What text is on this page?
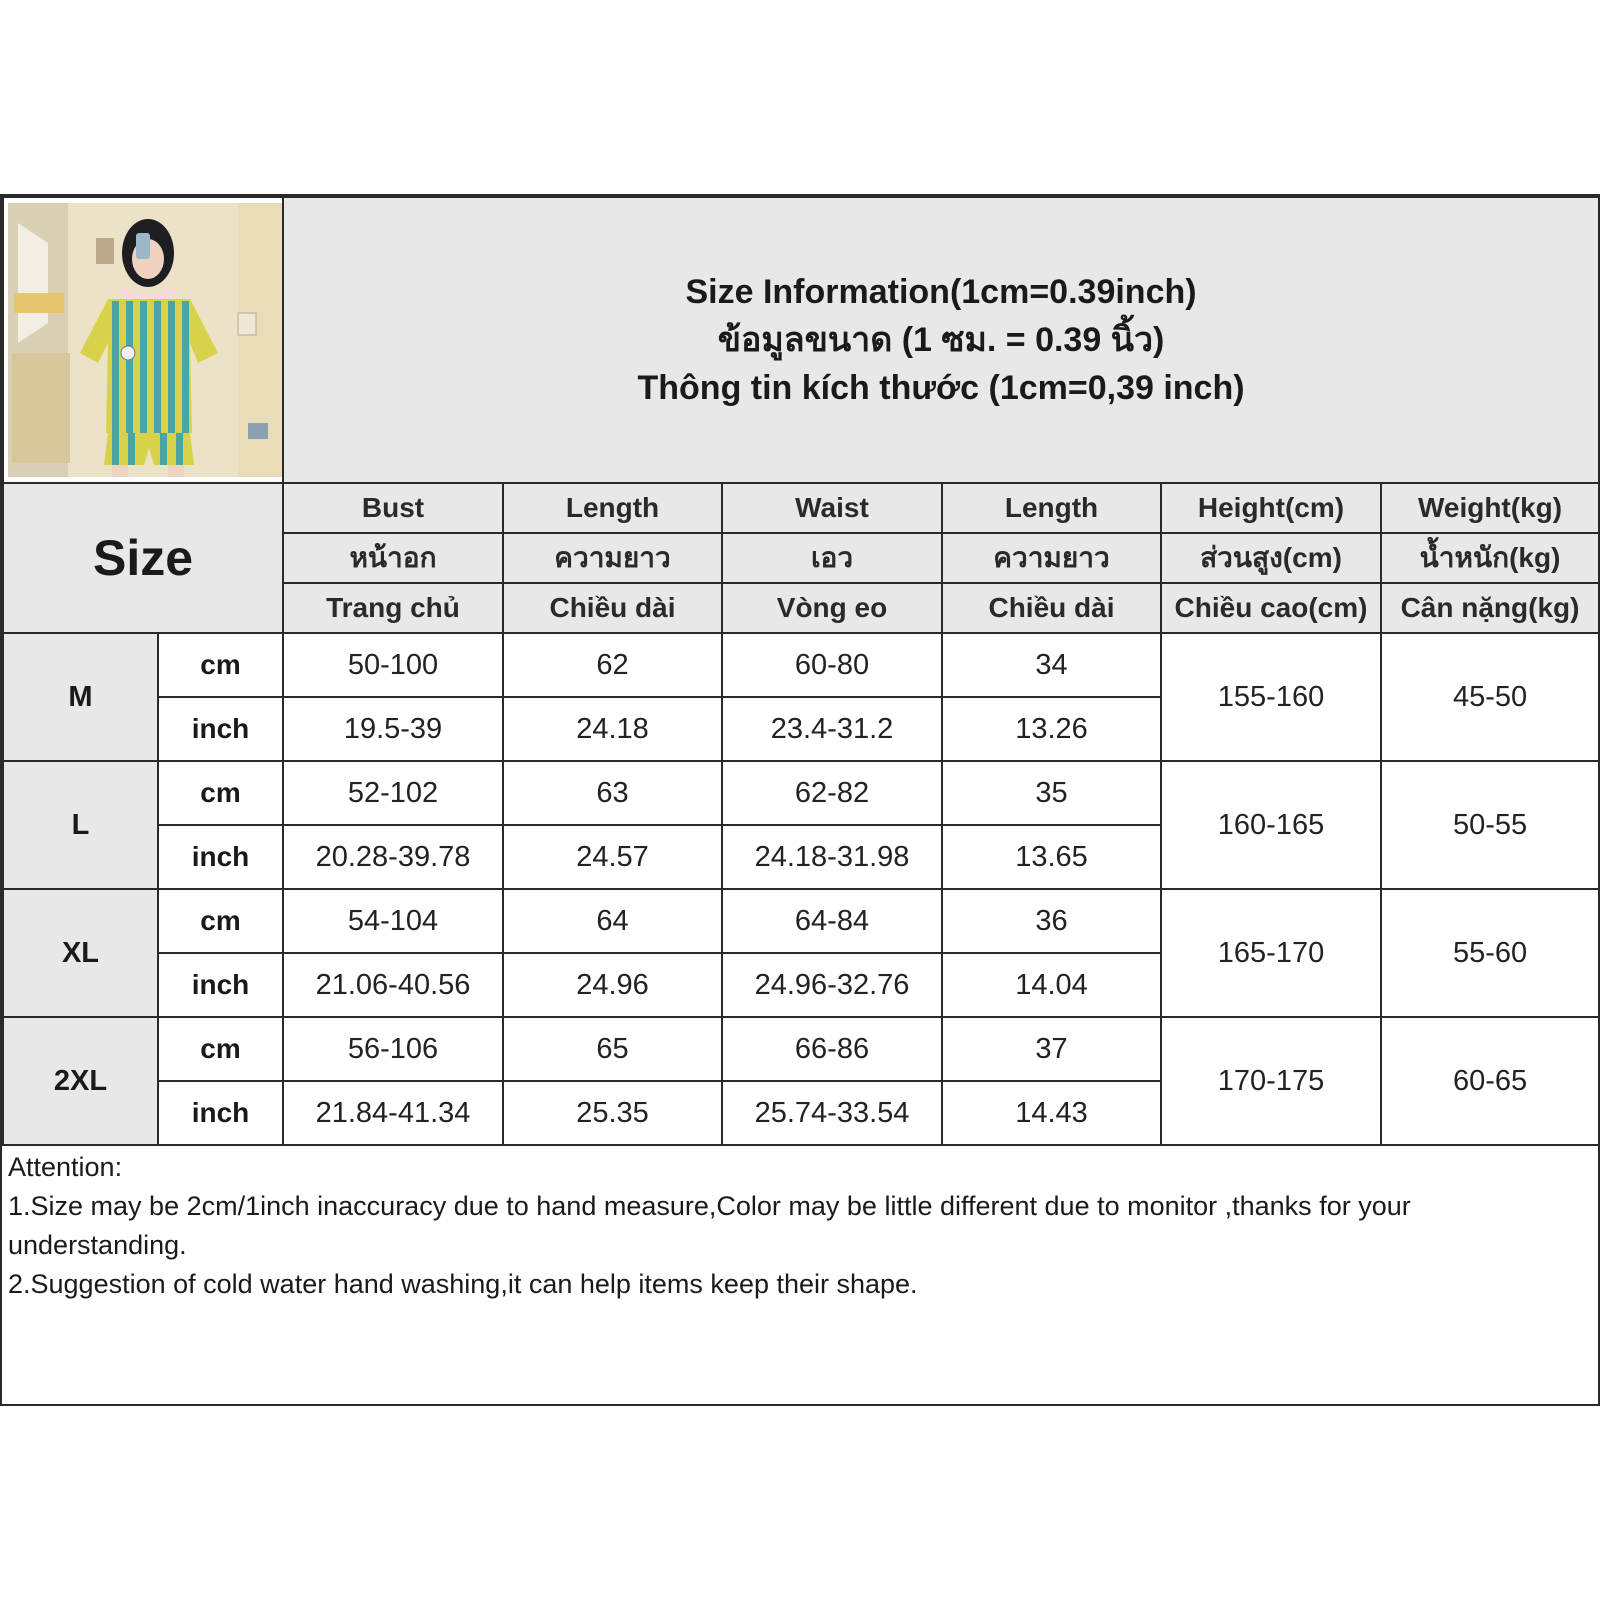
Size Information(1cm=0.39inch)
ข้อมูลขนาด (1 ซม. = 0.39 นิ้ว)
Thông tin kích thước (1cm=0,39 inch)					

Size		Bust	Length	Waist	Length	Height(cm)	Weight(kg)
		หน้าอก	ความยาว	เอว	ความยาว	ส่วนสูง(cm)	น้ำหนัก(kg)
		Trang chủ	Chiều dài	Vòng eo	Chiều dài	Chiều cao(cm)	Cân nặng(kg)
M	cm	50-100	62	60-80	34	155-160	45-50
	inch	19.5-39	24.18	23.4-31.2	13.26		
L	cm	52-102	63	62-82	35	160-165	50-55
	inch	20.28-39.78	24.57	24.18-31.98	13.65		
XL	cm	54-104	64	64-84	36	165-170	55-60
	inch	21.06-40.56	24.96	24.96-32.76	14.04		
2XL	cm	56-106	65	66-86	37	170-175	60-65
	inch	21.84-41.34	25.35	25.74-33.54	14.43		
Attention:
1.Size may be 2cm/1inch inaccuracy due to hand measure,Color may be little different due to monitor ,thanks for your understanding.
2.Suggestion of cold water hand washing,it can help items keep their shape.
